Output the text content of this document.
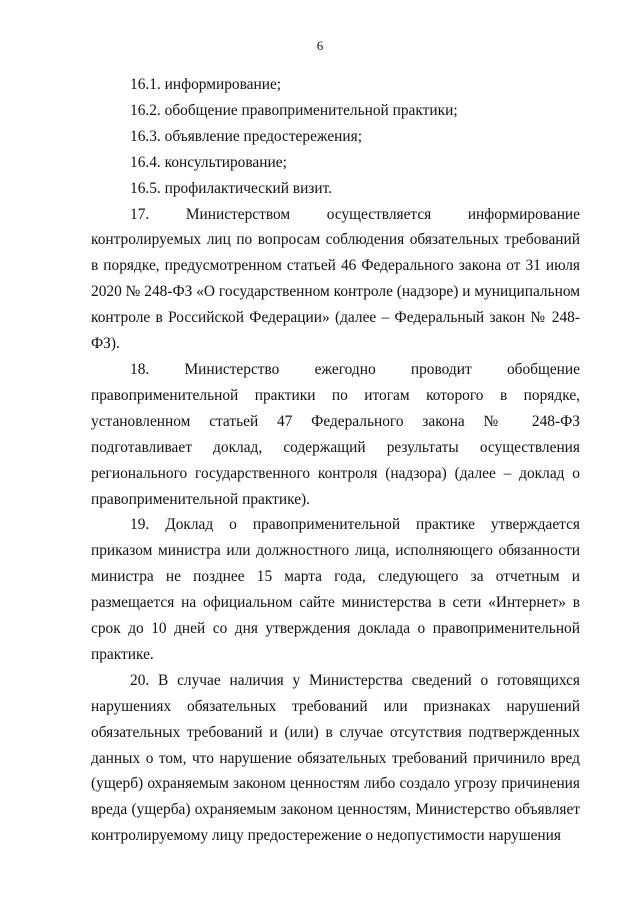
6

16.1. информирование;

16.2. обобщение правоприменительной практики;

16.3. объявление предостережения;

16.4. консультирование;

16.5. профилактический визит.

17. Министерством осуществляется информирование контролируемых лиц по вопросам соблюдения обязательных требований в порядке, предусмотренном статьей 46 Федерального закона от 31 июля 2020 № 248-ФЗ «О государственном контроле (надзоре) и муниципальном контроле в Российской Федерации» (далее – Федеральный закон № 248-ФЗ).

18. Министерство ежегодно проводит обобщение правоприменительной практики по итогам которого в порядке, установленном статьей 47 Федерального закона № 248-ФЗ подготавливает доклад, содержащий результаты осуществления регионального государственного контроля (надзора) (далее – доклад о правоприменительной практике).

19. Доклад о правоприменительной практике утверждается приказом министра или должностного лица, исполняющего обязанности министра не позднее 15 марта года, следующего за отчетным и размещается на официальном сайте министерства в сети «Интернет» в срок до 10 дней со дня утверждения доклада о правоприменительной практике.

20. В случае наличия у Министерства сведений о готовящихся нарушениях обязательных требований или признаках нарушений обязательных требований и (или) в случае отсутствия подтвержденных данных о том, что нарушение обязательных требований причинило вред (ущерб) охраняемым законом ценностям либо создало угрозу причинения вреда (ущерба) охраняемым законом ценностям, Министерство объявляет контролируемому лицу предостережение о недопустимости нарушения
